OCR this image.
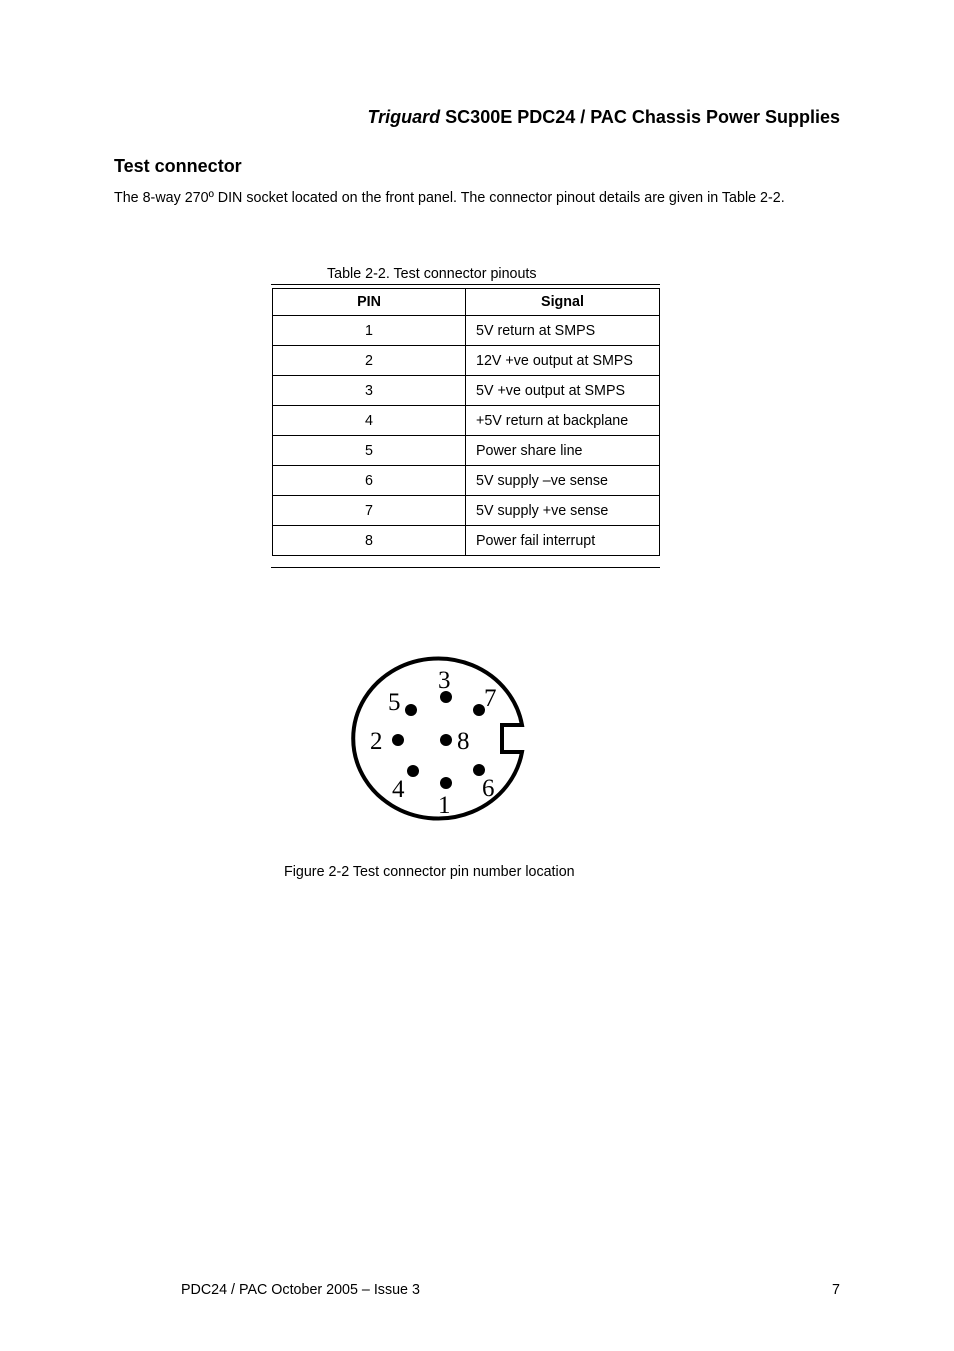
Triguard SC300E PDC24 / PAC Chassis Power Supplies
Test connector
The 8-way 270º DIN socket located on the front panel. The connector pinout details are given in Table 2-2.
Table 2-2. Test connector pinouts
PIN	Signal
1	5V return at SMPS
2	12V +ve output at SMPS
3	5V +ve output at SMPS
4	+5V return at backplane
5	Power share line
6	5V supply –ve sense
7	5V supply +ve sense
8	Power fail interrupt
1
2
3
4
5
6
7
8
Figure 2-2 Test connector pin number location
PDC24 / PAC October 2005 – Issue 3	7
